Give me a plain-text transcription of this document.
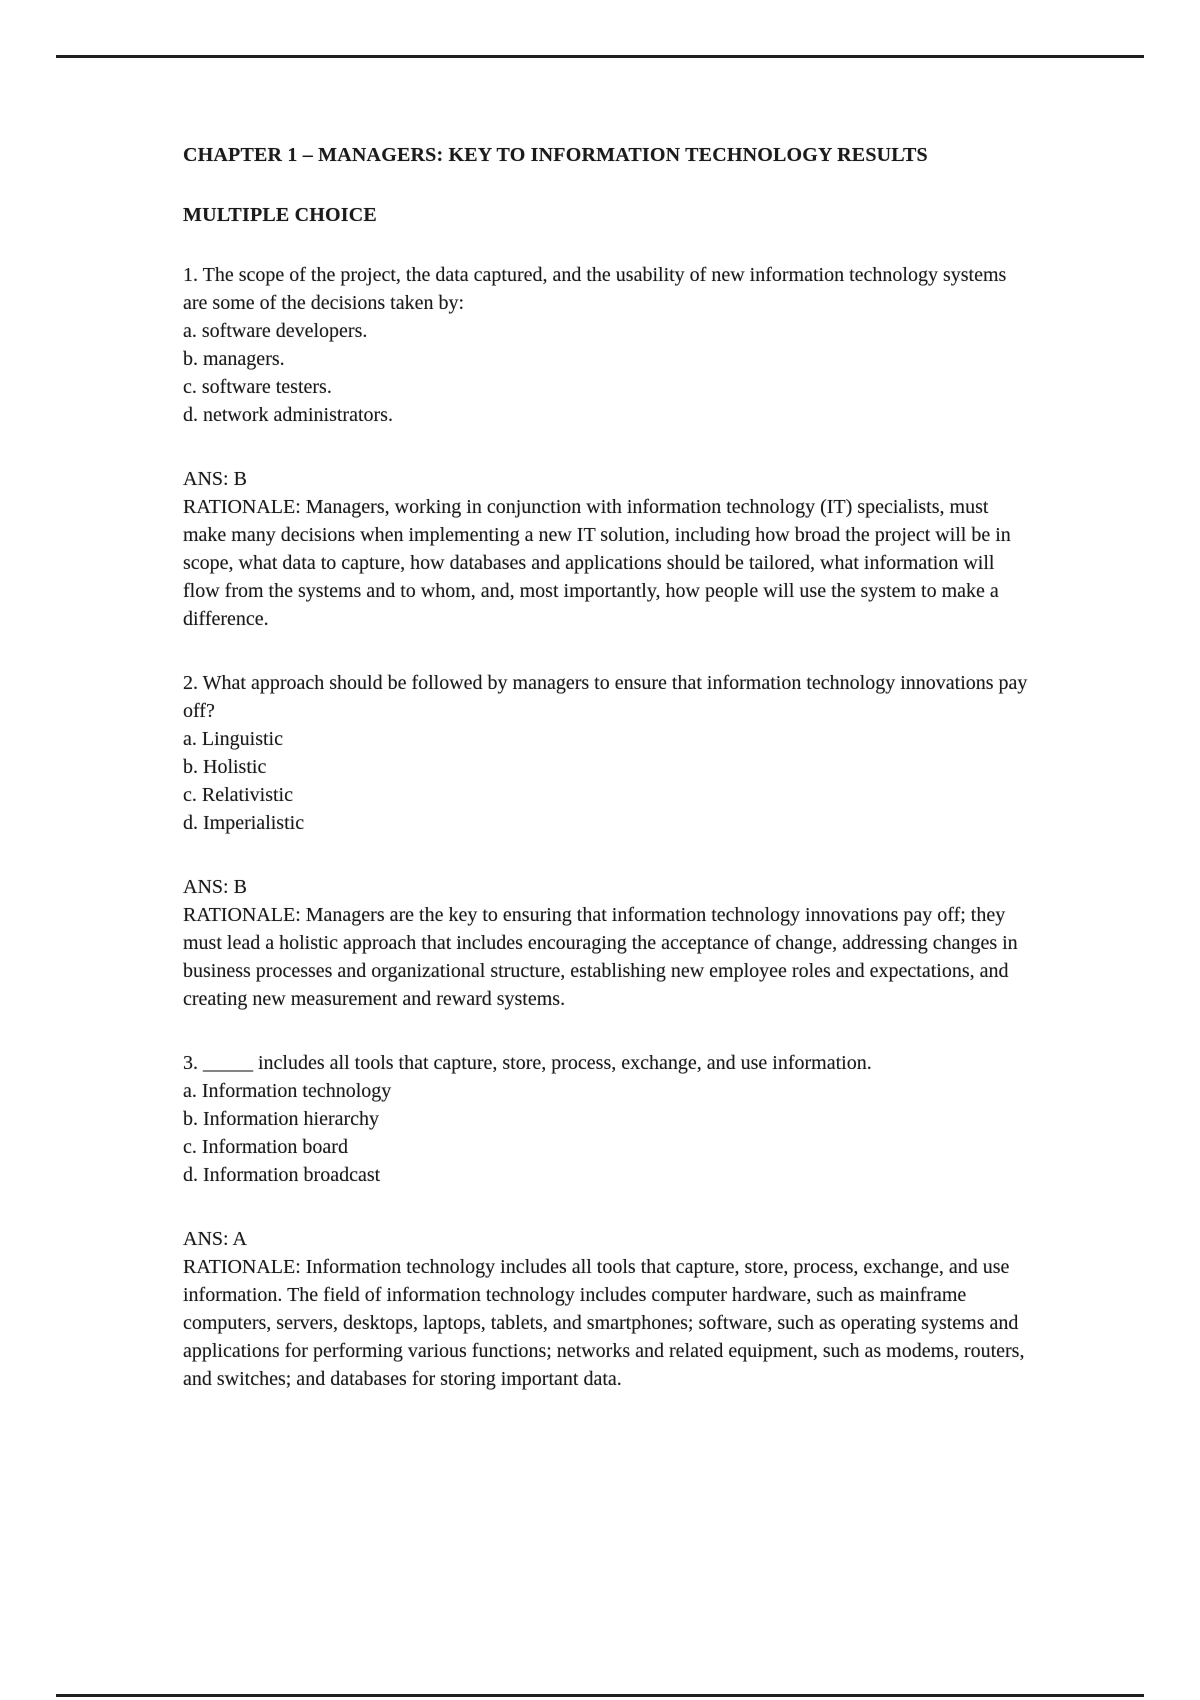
CHAPTER 1 – MANAGERS: KEY TO INFORMATION TECHNOLOGY RESULTS

MULTIPLE CHOICE

1. The scope of the project, the data captured, and the usability of new information technology systems are some of the decisions taken by:

a. software developers.

b. managers.

c. software testers.

d. network administrators.

ANS: B

RATIONALE: Managers, working in conjunction with information technology (IT) specialists, must make many decisions when implementing a new IT solution, including how broad the project will be in scope, what data to capture, how databases and applications should be tailored, what information will flow from the systems and to whom, and, most importantly, how people will use the system to make a difference.

2. What approach should be followed by managers to ensure that information technology innovations pay off?

a. Linguistic

b. Holistic

c. Relativistic

d. Imperialistic

ANS: B

RATIONALE: Managers are the key to ensuring that information technology innovations pay off; they must lead a holistic approach that includes encouraging the acceptance of change, addressing changes in business processes and organizational structure, establishing new employee roles and expectations, and creating new measurement and reward systems.

3. _____ includes all tools that capture, store, process, exchange, and use information.

a. Information technology

b. Information hierarchy

c. Information board

d. Information broadcast

ANS: A

RATIONALE: Information technology includes all tools that capture, store, process, exchange, and use information. The field of information technology includes computer hardware, such as mainframe computers, servers, desktops, laptops, tablets, and smartphones; software, such as operating systems and applications for performing various functions; networks and related equipment, such as modems, routers, and switches; and databases for storing important data.
